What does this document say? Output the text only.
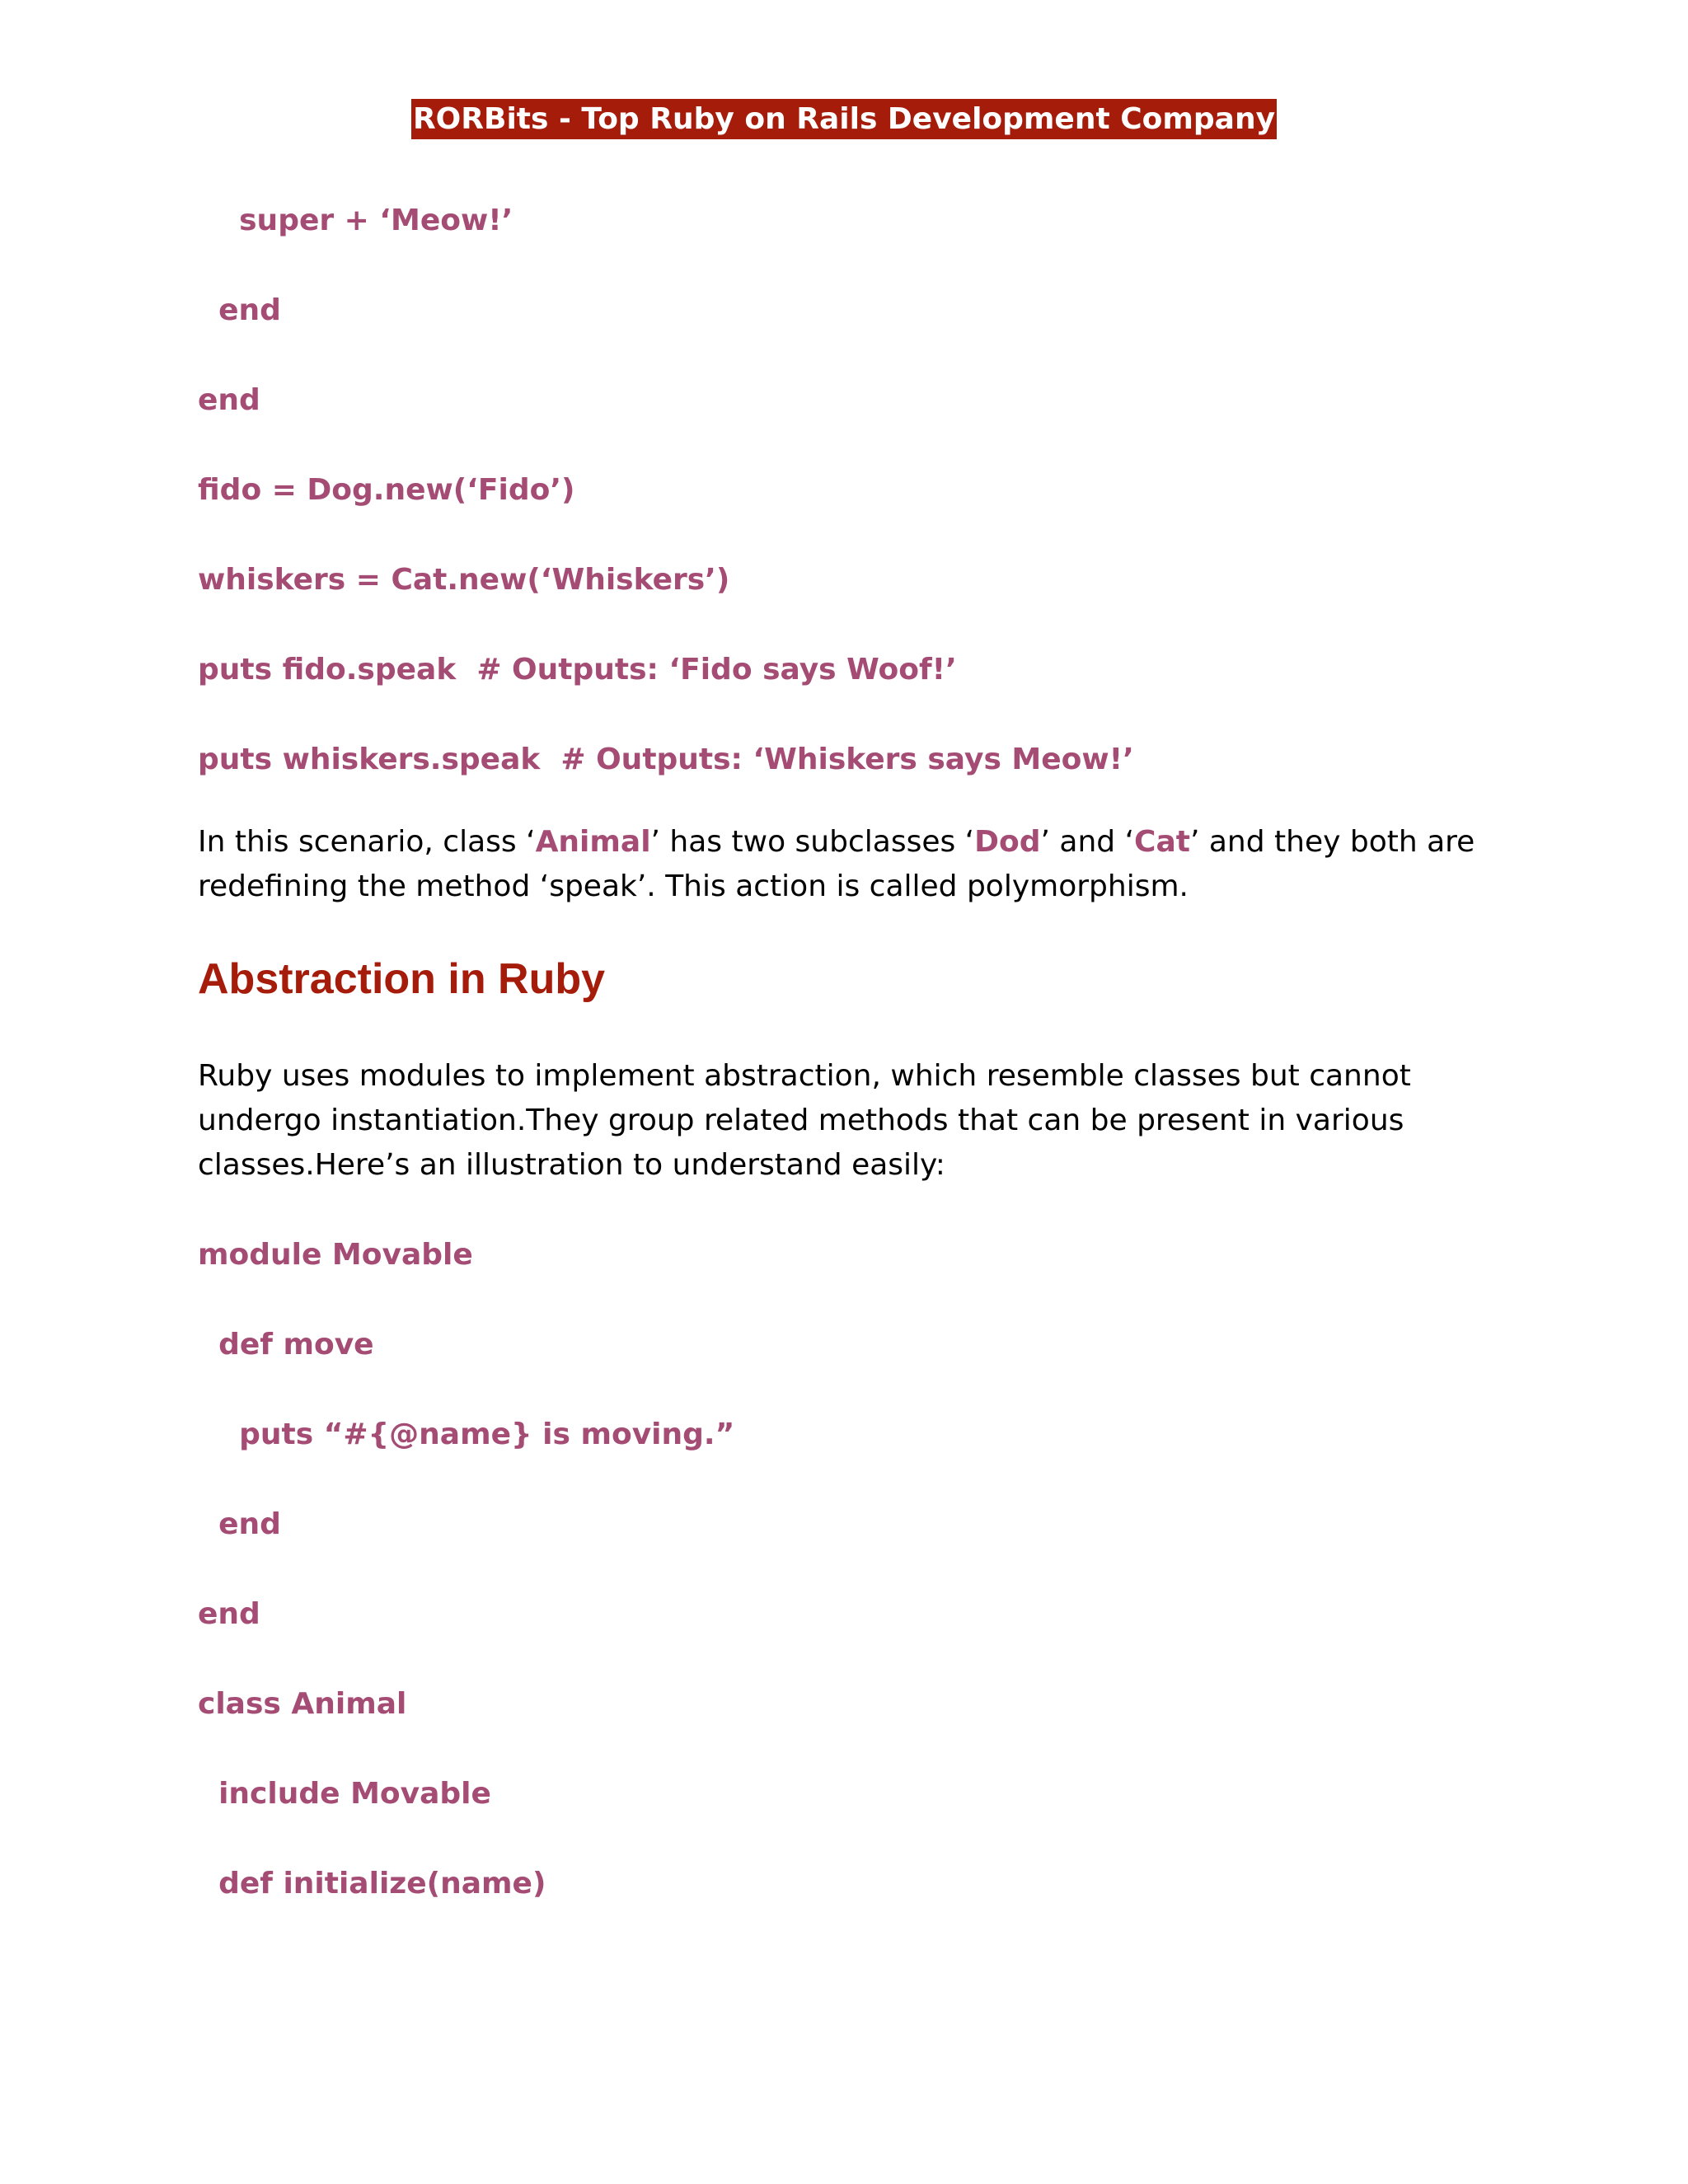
RORBits - Top Ruby on Rails Development Company
super + ‘Meow!’
end
end
fido = Dog.new(‘Fido’)
whiskers = Cat.new(‘Whiskers’)
puts fido.speak  # Outputs: ‘Fido says Woof!’
puts whiskers.speak  # Outputs: ‘Whiskers says Meow!’

In this scenario, class ‘Animal’ has two subclasses ‘Dod’ and ‘Cat’ and they both are redefining the method ‘speak’. This action is called polymorphism.

Abstraction in Ruby

Ruby uses modules to implement abstraction, which resemble classes but cannot undergo instantiation.They group related methods that can be present in various classes.Here’s an illustration to understand easily:

module Movable
def move
puts “#{@name} is moving.”
end
end
class Animal
include Movable
def initialize(name)
